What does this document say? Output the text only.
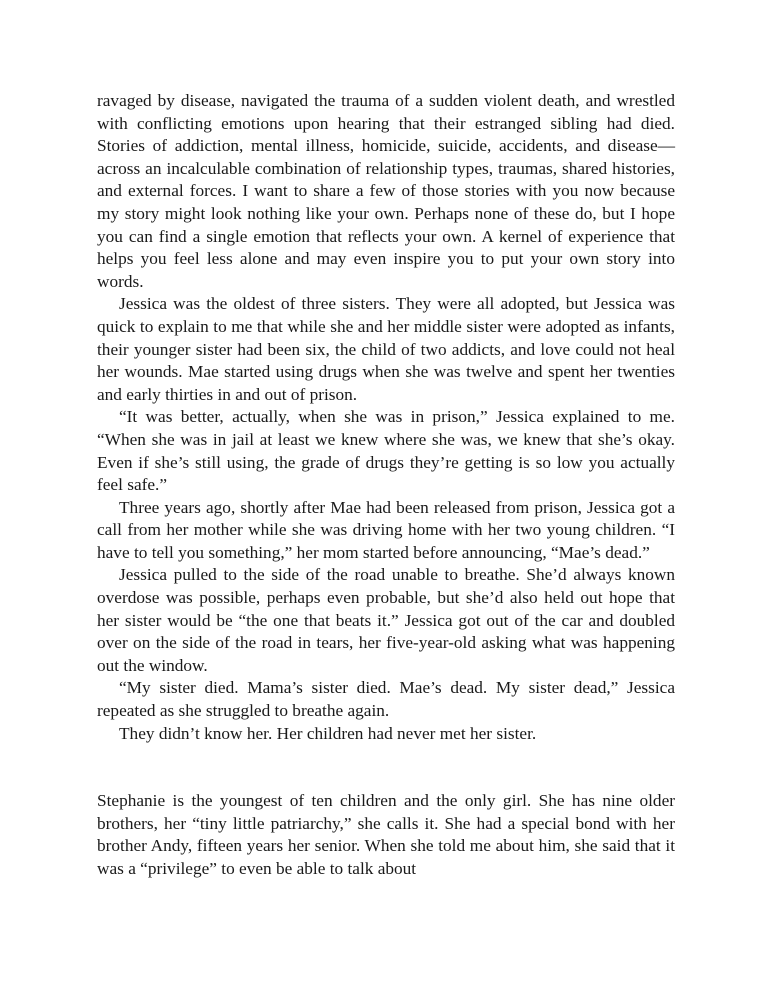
ravaged by disease, navigated the trauma of a sudden violent death, and wrestled with conflicting emotions upon hearing that their estranged sibling had died. Stories of addiction, mental illness, homicide, suicide, accidents, and disease—across an incalculable combination of relationship types, traumas, shared histories, and external forces. I want to share a few of those stories with you now because my story might look nothing like your own. Perhaps none of these do, but I hope you can find a single emotion that reflects your own. A kernel of experience that helps you feel less alone and may even inspire you to put your own story into words.

Jessica was the oldest of three sisters. They were all adopted, but Jessica was quick to explain to me that while she and her middle sister were adopted as infants, their younger sister had been six, the child of two addicts, and love could not heal her wounds. Mae started using drugs when she was twelve and spent her twenties and early thirties in and out of prison.

“It was better, actually, when she was in prison,” Jessica explained to me. “When she was in jail at least we knew where she was, we knew that she’s okay. Even if she’s still using, the grade of drugs they’re getting is so low you actually feel safe.”

Three years ago, shortly after Mae had been released from prison, Jessica got a call from her mother while she was driving home with her two young children. “I have to tell you something,” her mom started before announcing, “Mae’s dead.”

Jessica pulled to the side of the road unable to breathe. She’d always known overdose was possible, perhaps even probable, but she’d also held out hope that her sister would be “the one that beats it.” Jessica got out of the car and doubled over on the side of the road in tears, her five-year-old asking what was happening out the window.

“My sister died. Mama’s sister died. Mae’s dead. My sister dead,” Jessica repeated as she struggled to breathe again.

They didn’t know her. Her children had never met her sister.

Stephanie is the youngest of ten children and the only girl. She has nine older brothers, her “tiny little patriarchy,” she calls it. She had a special bond with her brother Andy, fifteen years her senior. When she told me about him, she said that it was a “privilege” to even be able to talk about
